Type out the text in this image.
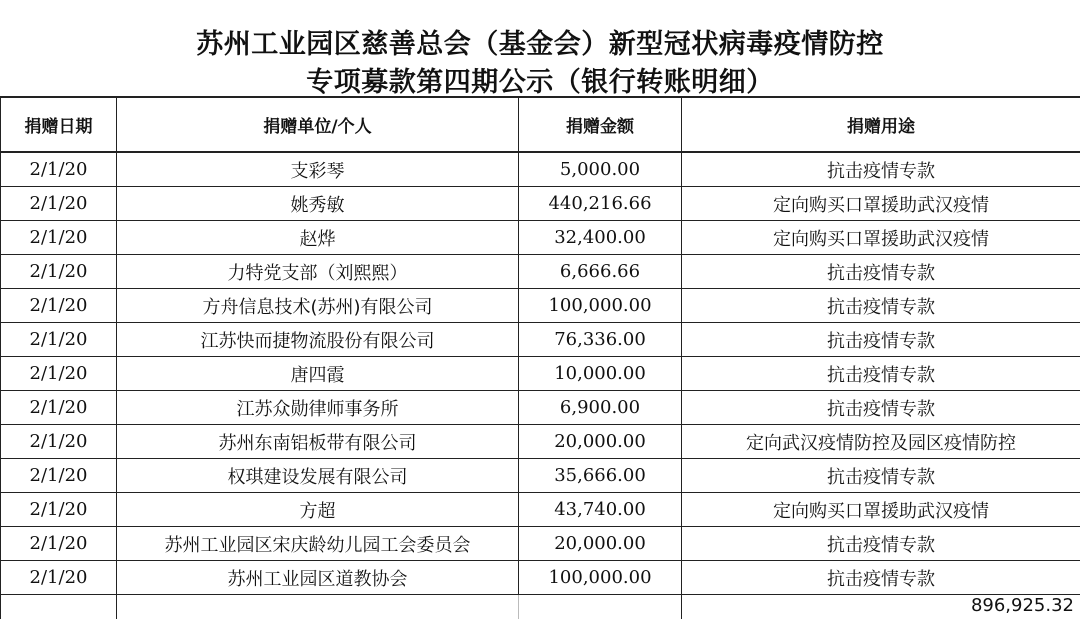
苏州工业园区慈善总会（基金会）新型冠状病毒疫情防控
专项募款第四期公示（银行转账明细）
捐赠日期	捐赠单位/个人	捐赠金额	捐赠用途
2/1/20	支彩琴	5,000.00	抗击疫情专款
2/1/20	姚秀敏	440,216.66	定向购买口罩援助武汉疫情
2/1/20	赵烨	32,400.00	定向购买口罩援助武汉疫情
2/1/20	力特党支部（刘熙熙）	6,666.66	抗击疫情专款
2/1/20	方舟信息技术(苏州)有限公司	100,000.00	抗击疫情专款
2/1/20	江苏快而捷物流股份有限公司	76,336.00	抗击疫情专款
2/1/20	唐四霞	10,000.00	抗击疫情专款
2/1/20	江苏众勋律师事务所	6,900.00	抗击疫情专款
2/1/20	苏州东南铝板带有限公司	20,000.00	定向武汉疫情防控及园区疫情防控
2/1/20	权琪建设发展有限公司	35,666.00	抗击疫情专款
2/1/20	方超	43,740.00	定向购买口罩援助武汉疫情
2/1/20	苏州工业园区宋庆龄幼儿园工会委员会	20,000.00	抗击疫情专款
2/1/20	苏州工业园区道教协会	100,000.00	抗击疫情专款
			896,925.32
